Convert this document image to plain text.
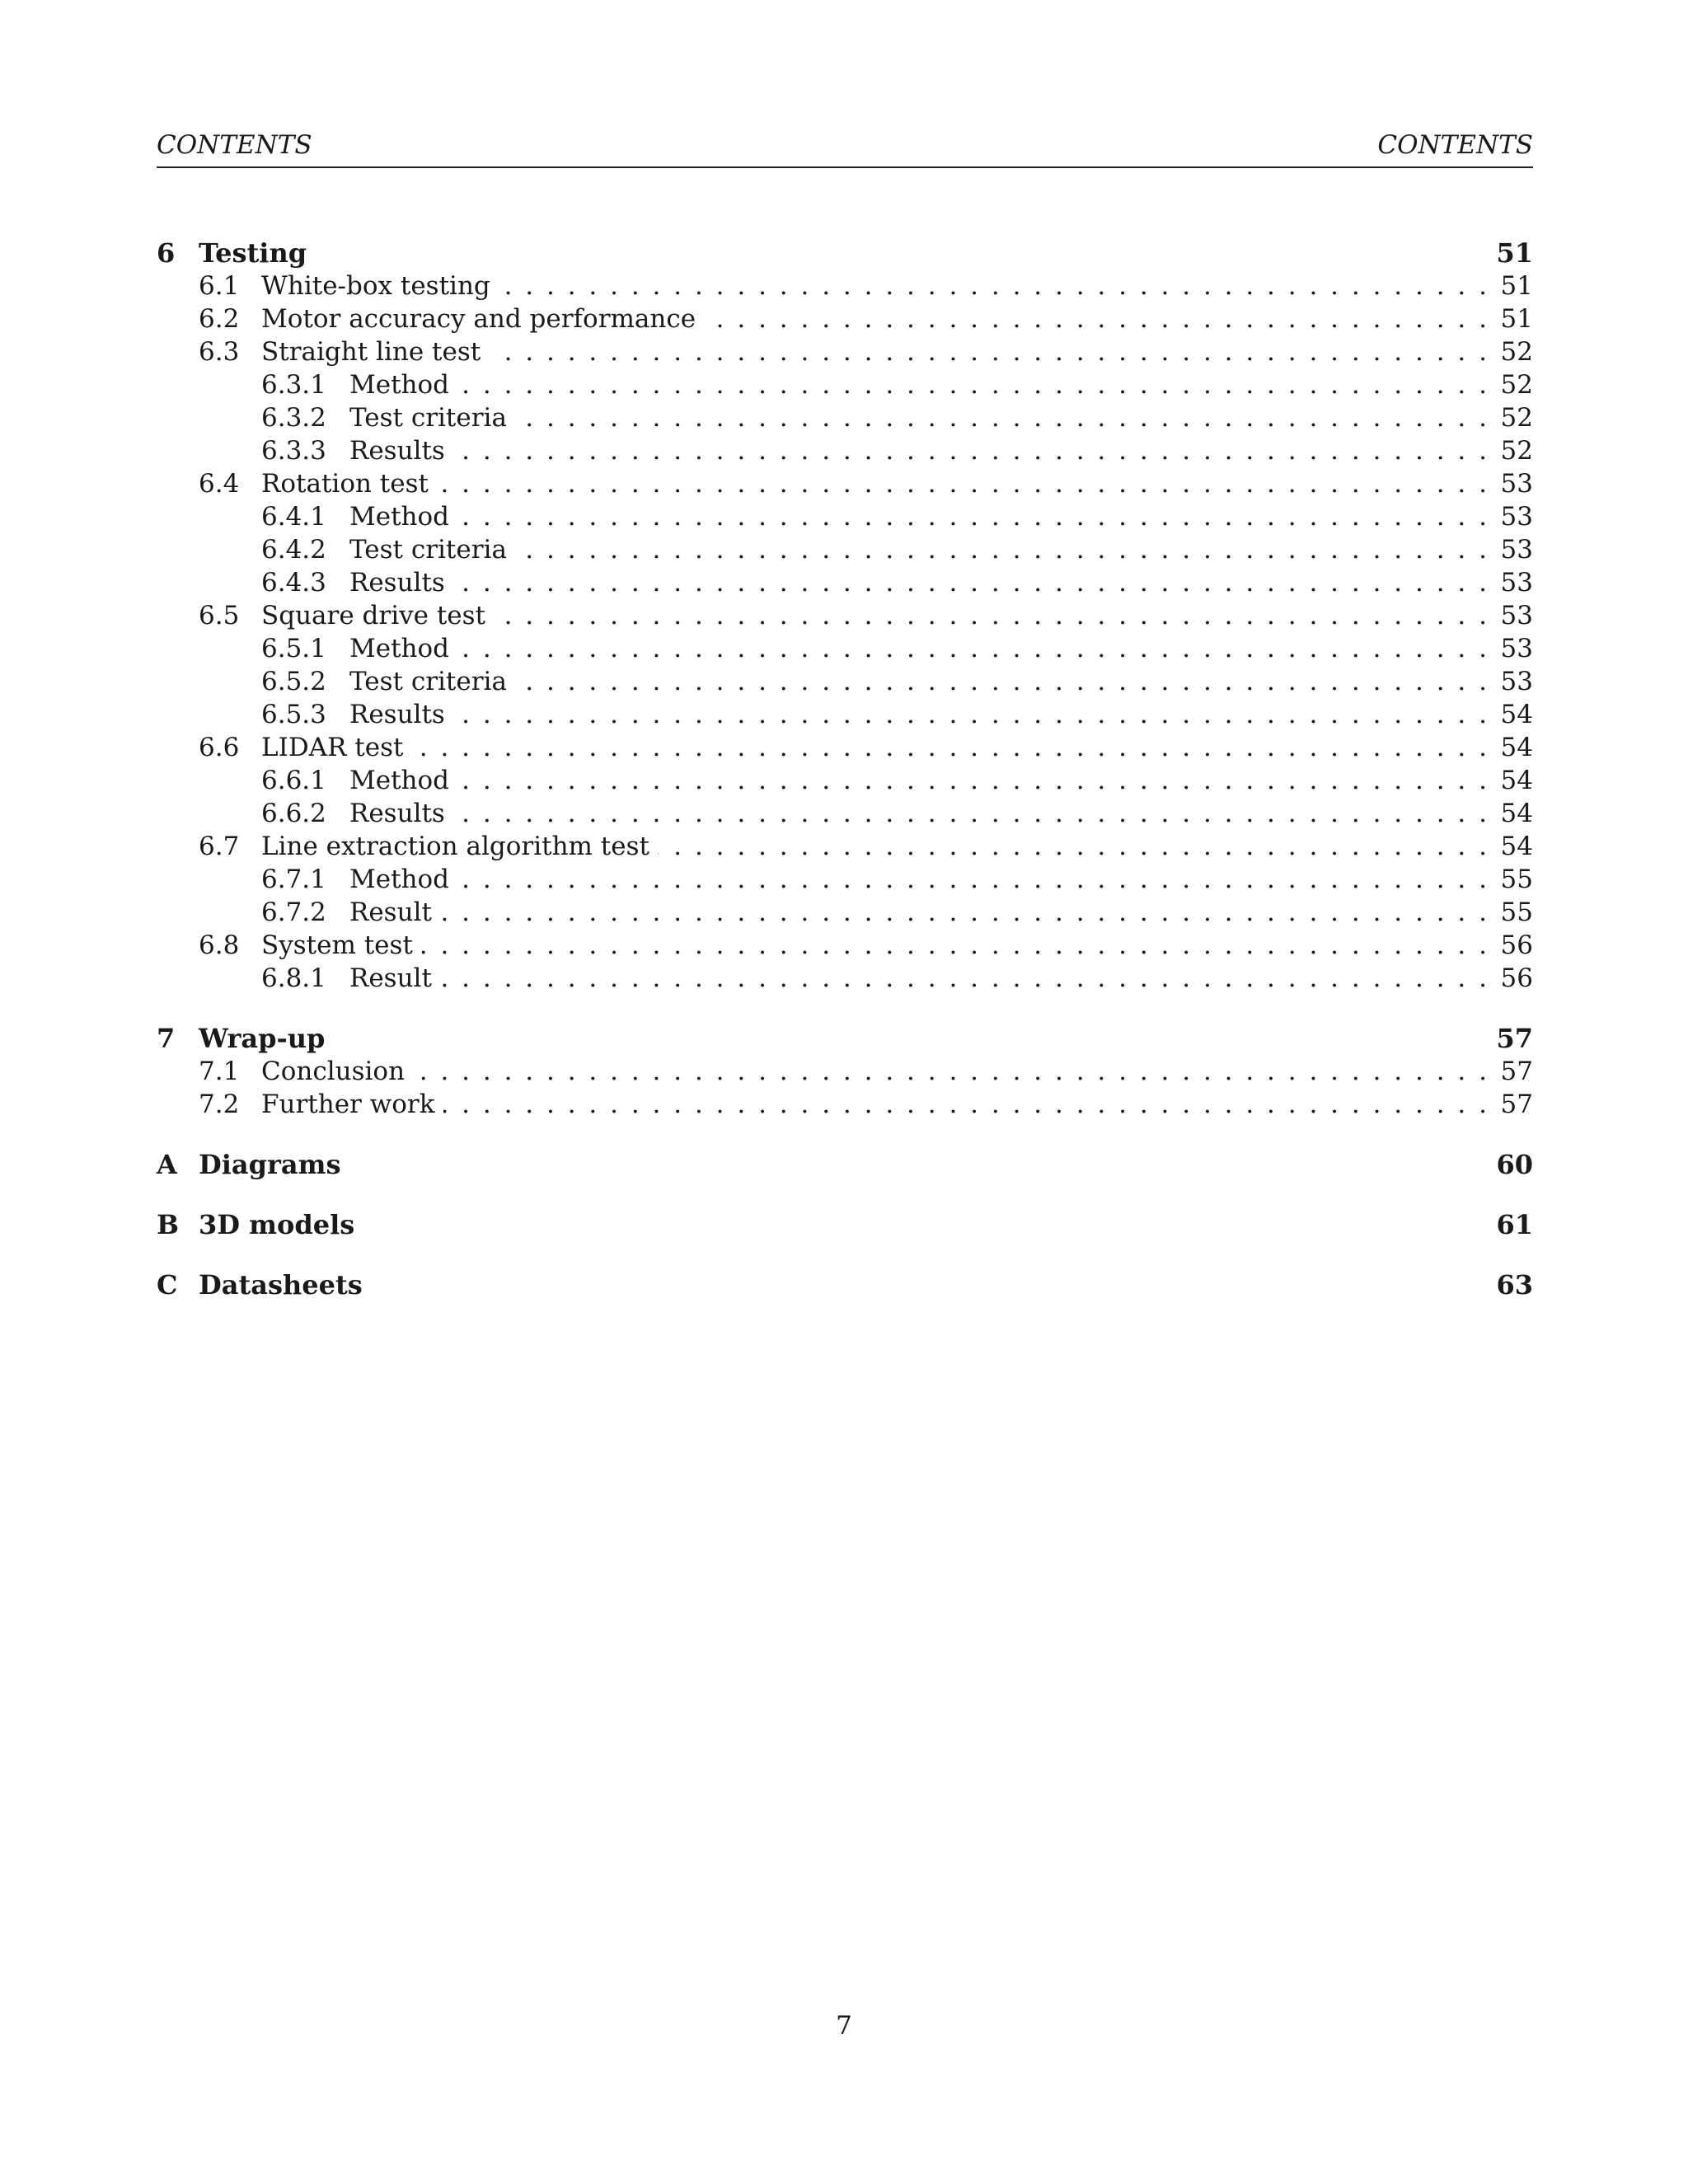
CONTENTS	CONTENTS
6 Testing	51
6.1 White-box testing . . .	51
6.2 Motor accuracy and performance . . .	51
6.3 Straight line test . . .	52
6.3.1 Method . . .	52
6.3.2 Test criteria . . .	52
6.3.3 Results . . .	52
6.4 Rotation test . . .	53
6.4.1 Method . . .	53
6.4.2 Test criteria . . .	53
6.4.3 Results . . .	53
6.5 Square drive test . . .	53
6.5.1 Method . . .	53
6.5.2 Test criteria . . .	53
6.5.3 Results . . .	54
6.6 LIDAR test . . .	54
6.6.1 Method . . .	54
6.6.2 Results . . .	54
6.7 Line extraction algorithm test . . .	54
6.7.1 Method . . .	55
6.7.2 Result . . .	55
6.8 System test . . .	56
6.8.1 Result . . .	56
7 Wrap-up	57
7.1 Conclusion . . .	57
7.2 Further work . . .	57
A Diagrams	60
B 3D models	61
C Datasheets	63
7
